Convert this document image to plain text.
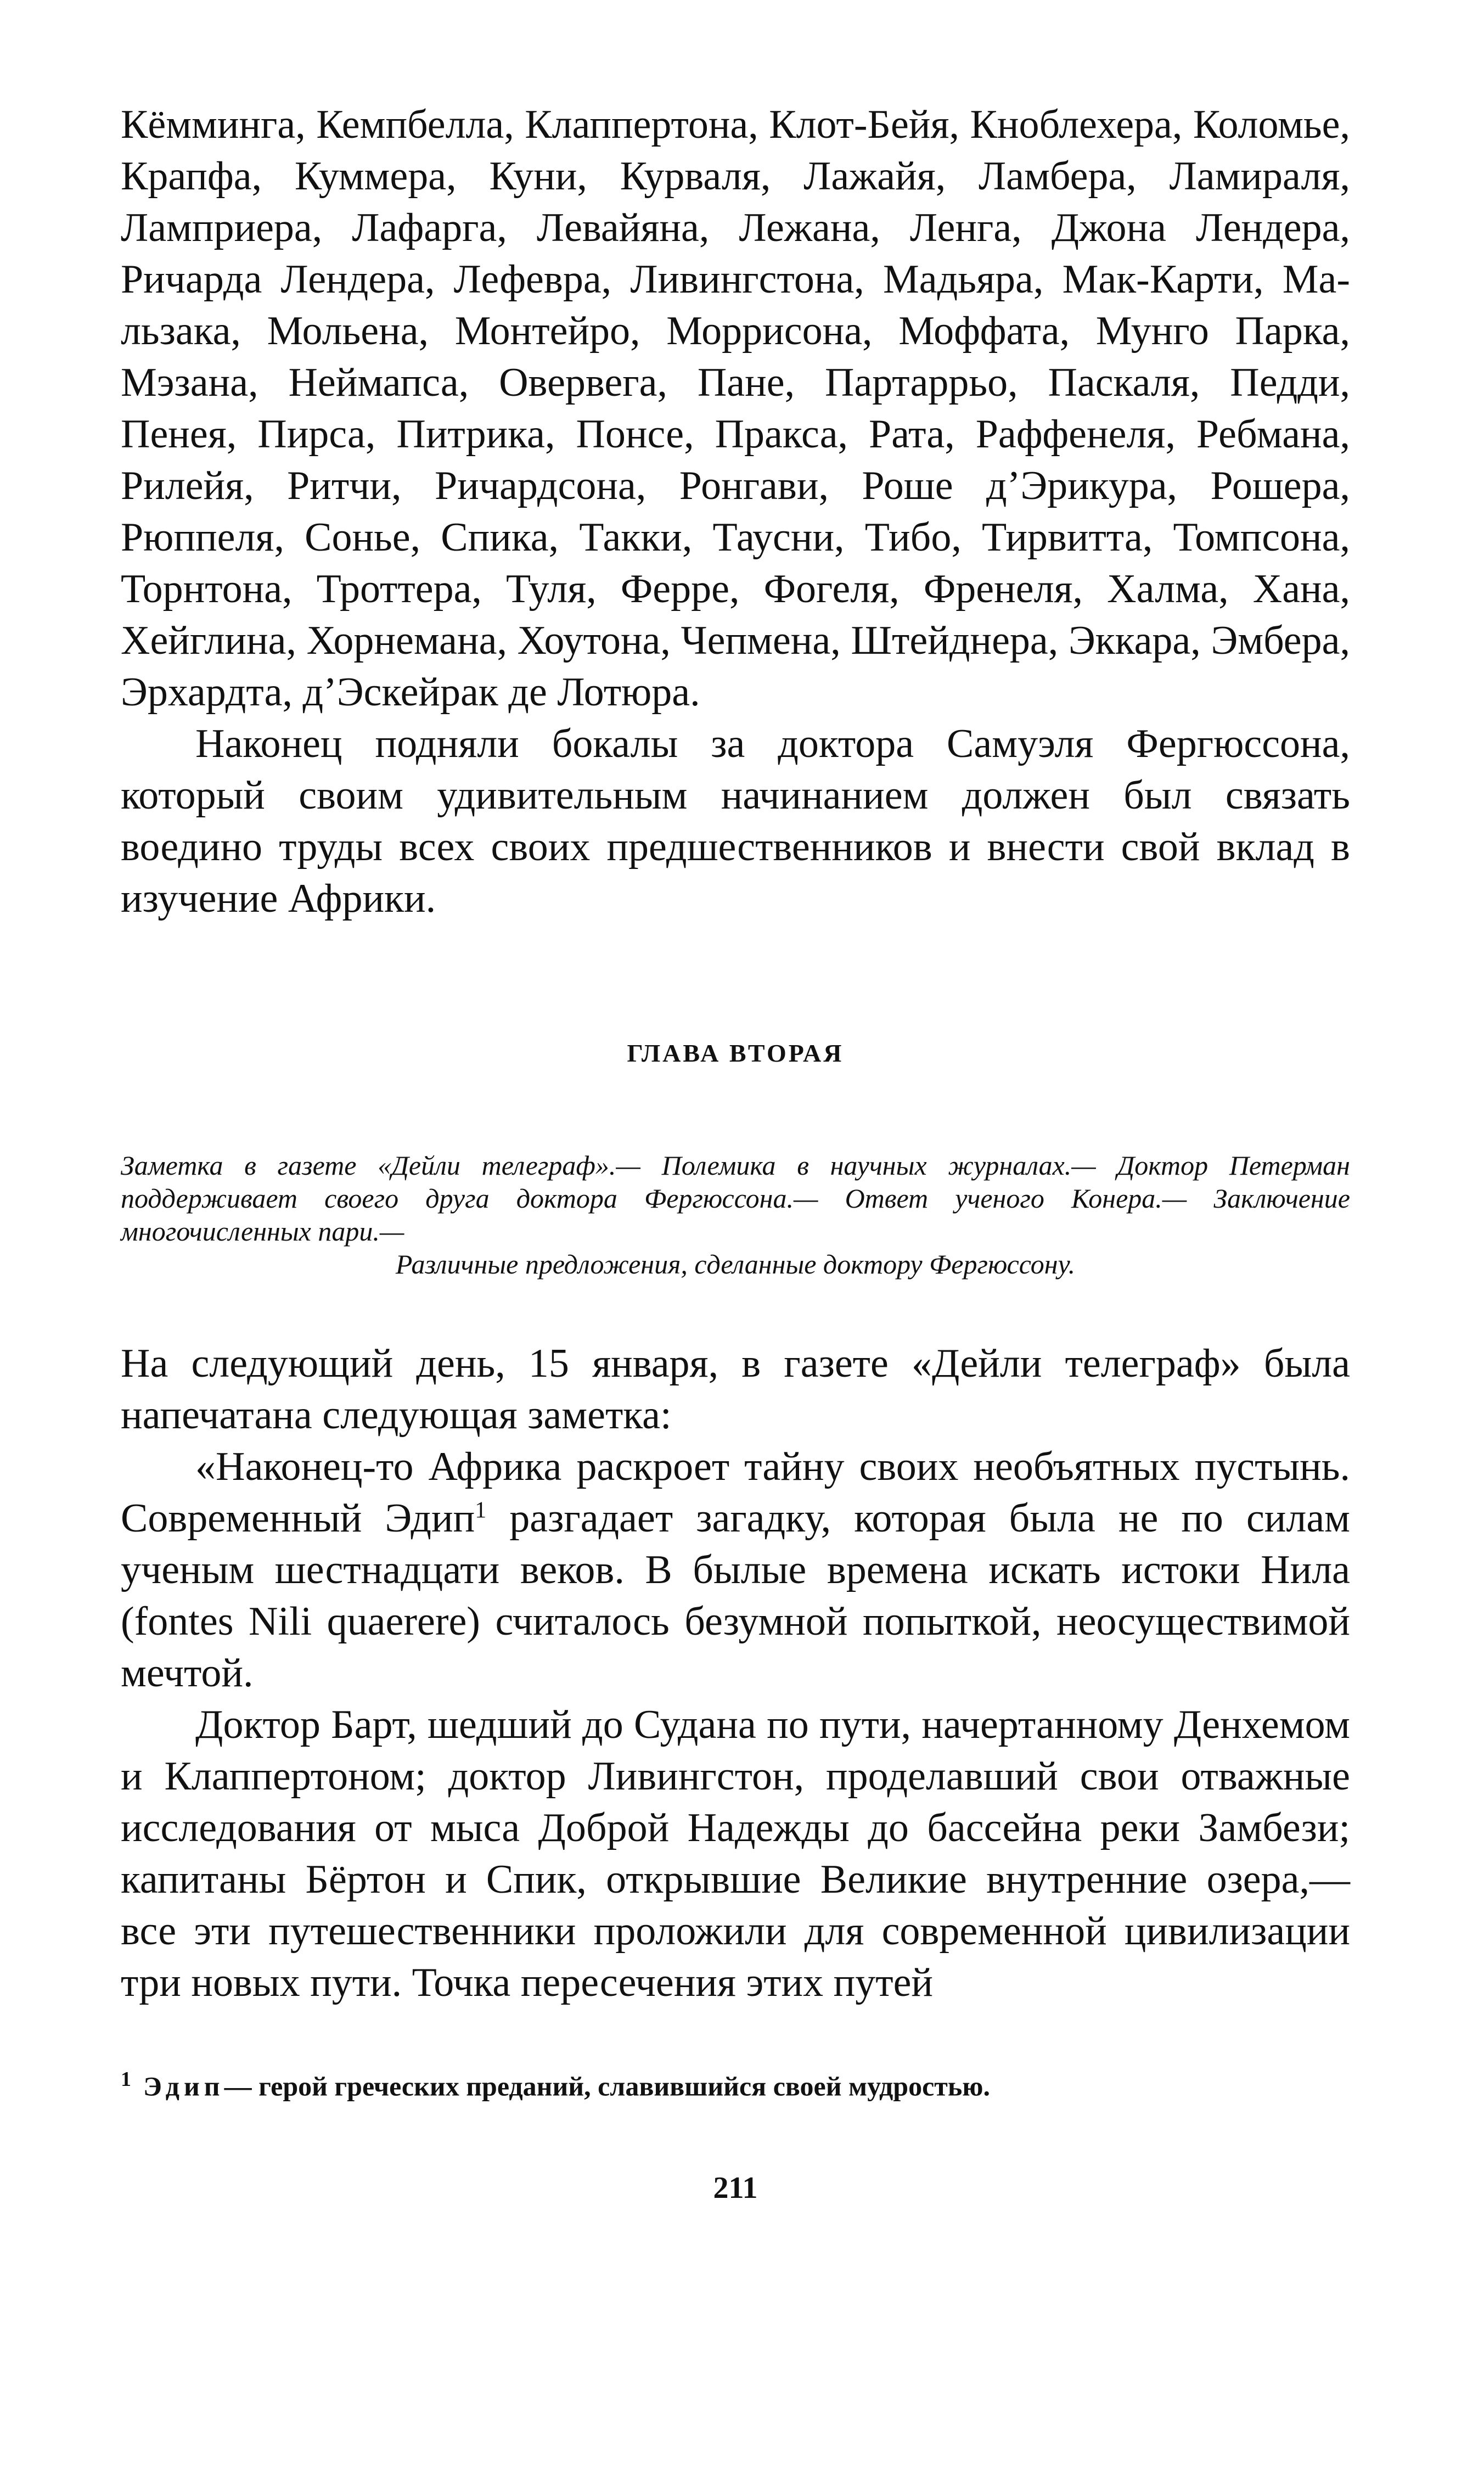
Кёмминга, Кемпбелла, Клаппертона, Клот-Бейя, Кноблехера, Коломье, Крапфа, Куммера, Куни, Курваля, Лажайя, Ламбера, Ламираля, Ламприера, Лафарга, Лeвайяна, Лежана, Ленга, Джона Лендера, Ричарда Лендера, Лефевра, Ливингстона, Мадьяра, Мак-Карти, Мальзака, Мольена, Монтейро, Моррисона, Моффата, Мунго Парка, Мэзана, Неймапса, Овервега, Пане, Партаррьо, Паскаля, Педди, Пенея, Пирса, Питрика, Понсе, Пракса, Рата, Раффенеля, Ребмана, Рилейя, Ритчи, Ричардсона, Ронгави, Роше д’Эрикура, Рошера, Рюппеля, Соньe, Спика, Такки, Таусни, Тибо, Тирвитта, Томпсона, Торнтона, Троттера, Туля, Ферре, Фогеля, Френеля, Халма, Хана, Хейглина, Хорнемана, Хоутона, Чепмена, Штейднера, Эккара, Эмбера, Эрхардта, д’Эскейрак де Лотюра.

Наконец подняли бокалы за доктора Самуэля Фергюссона, который своим удивительным начинанием должен был связать воедино труды всех своих предшественников и внести свой вклад в изучение Африки.

ГЛАВА ВТОРАЯ
Заметка в газете «Дейли телеграф».— Полемика в научных журналах.— Доктор Петерман поддерживает своего друга доктора Фергюссона.— Ответ ученого Конера.— Заключение многочисленных пари.—
Различные предложения, сделанные доктору Фергюссону.

На следующий день, 15 января, в газете «Дейли телеграф» была напечатана следующая заметка:

«Наконец-то Африка раскроет тайну своих необъятных пустынь. Современный Эдип$^1$ разгадает загадку, которая была не по силам ученым шестнадцати веков. В былые времена искать истоки Нила (fontes Nili quaerere) считалось безумной попыткой, неосуществимой мечтой.

Доктор Барт, шедший до Судана по пути, начертанному Денхемом и Клаппертоном; доктор Ливингстон, проделавший свои отважные исследования от мыса Доброй Надежды до бассейна реки Замбези; капитаны Бёртон и Спик, открывшие Великие внутренние озера,— все эти путешественники проложили для современной цивилизации три новых пути. Точка пересечения этих путей

$^1$ Эдип— герой греческих преданий, славившийся своей мудростью.
211
